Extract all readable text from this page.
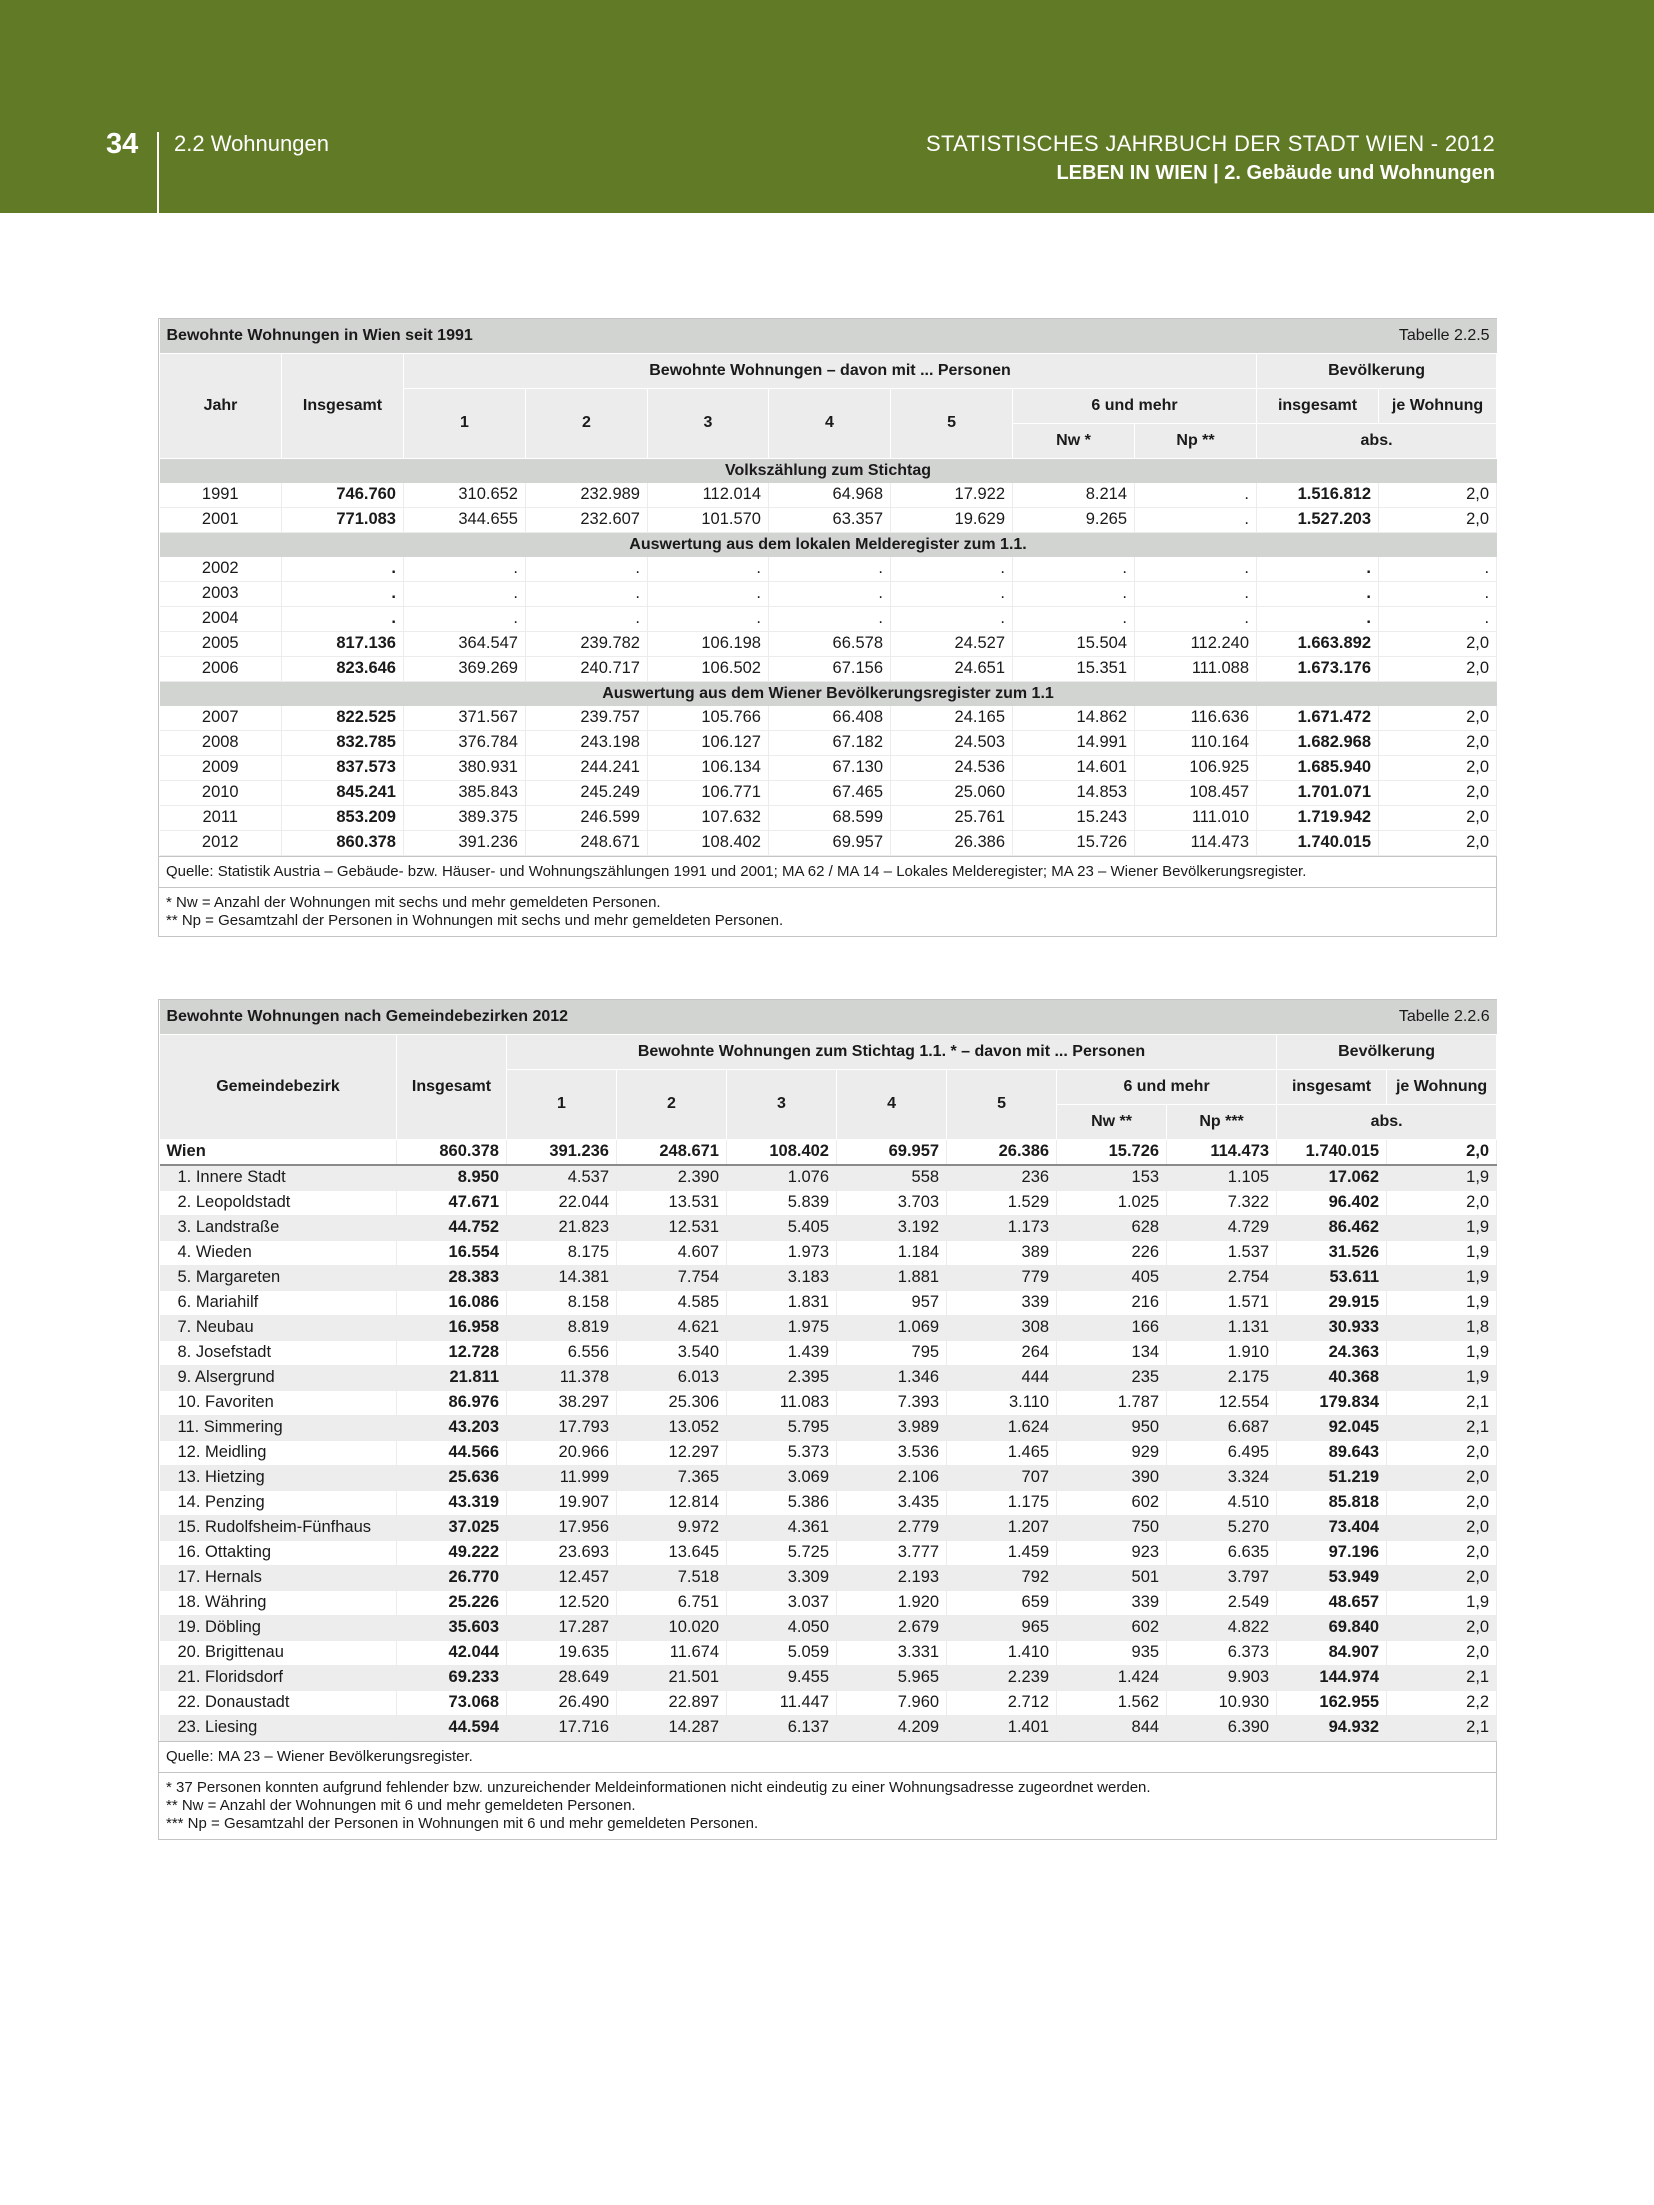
34 2.2 Wohnungen	STATISTISCHES JAHRBUCH DER STADT WIEN - 2012
LEBEN IN WIEN | 2. Gebäude und Wohnungen
Bewohnte Wohnungen in Wien seit 1991						Tabelle 2.2.5				
Jahr	Insgesamt	Bewohnte Wohnungen – davon mit ... Personen							Bevölkerung	
		1	2	3	4	5	6 und mehr		insgesamt	je Wohnung
							Nw *	Np **	abs.	
Volkszählung zum Stichtag										
1991	746.760	310.652	232.989	112.014	64.968	17.922	8.214	.	1.516.812	2,0
2001	771.083	344.655	232.607	101.570	63.357	19.629	9.265	.	1.527.203	2,0
Auswertung aus dem lokalen Melderegister zum 1.1.										
2002	.	.	.	.	.	.	.	.	.	.
2003	.	.	.	.	.	.	.	.	.	.
2004	.	.	.	.	.	.	.	.	.	.
2005	817.136	364.547	239.782	106.198	66.578	24.527	15.504	112.240	1.663.892	2,0
2006	823.646	369.269	240.717	106.502	67.156	24.651	15.351	111.088	1.673.176	2,0
Auswertung aus dem Wiener Bevölkerungsregister zum 1.1										
2007	822.525	371.567	239.757	105.766	66.408	24.165	14.862	116.636	1.671.472	2,0
2008	832.785	376.784	243.198	106.127	67.182	24.503	14.991	110.164	1.682.968	2,0
2009	837.573	380.931	244.241	106.134	67.130	24.536	14.601	106.925	1.685.940	2,0
2010	845.241	385.843	245.249	106.771	67.465	25.060	14.853	108.457	1.701.071	2,0
2011	853.209	389.375	246.599	107.632	68.599	25.761	15.243	111.010	1.719.942	2,0
2012	860.378	391.236	248.671	108.402	69.957	26.386	15.726	114.473	1.740.015	2,0
Quelle: Statistik Austria – Gebäude- bzw. Häuser- und Wohnungszählungen 1991 und 2001; MA 62 / MA 14 – Lokales Melderegister; MA 23 – Wiener Bevölkerungsregister.
* Nw = Anzahl der Wohnungen mit sechs und mehr gemeldeten Personen.
** Np = Gesamtzahl der Personen in Wohnungen mit sechs und mehr gemeldeten Personen.
Bewohnte Wohnungen nach Gemeindebezirken 2012						Tabelle 2.2.6				
Gemeindebezirk	Insgesamt	Bewohnte Wohnungen zum Stichtag 1.1. * – davon mit ... Personen							Bevölkerung	
		1	2	3	4	5	6 und mehr		insgesamt	je Wohnung
							Nw **	Np ***	abs.	
Wien	860.378	391.236	248.671	108.402	69.957	26.386	15.726	114.473	1.740.015	2,0
1. Innere Stadt	8.950	4.537	2.390	1.076	558	236	153	1.105	17.062	1,9
2. Leopoldstadt	47.671	22.044	13.531	5.839	3.703	1.529	1.025	7.322	96.402	2,0
3. Landstraße	44.752	21.823	12.531	5.405	3.192	1.173	628	4.729	86.462	1,9
4. Wieden	16.554	8.175	4.607	1.973	1.184	389	226	1.537	31.526	1,9
5. Margareten	28.383	14.381	7.754	3.183	1.881	779	405	2.754	53.611	1,9
6. Mariahilf	16.086	8.158	4.585	1.831	957	339	216	1.571	29.915	1,9
7. Neubau	16.958	8.819	4.621	1.975	1.069	308	166	1.131	30.933	1,8
8. Josefstadt	12.728	6.556	3.540	1.439	795	264	134	1.910	24.363	1,9
9. Alsergrund	21.811	11.378	6.013	2.395	1.346	444	235	2.175	40.368	1,9
10. Favoriten	86.976	38.297	25.306	11.083	7.393	3.110	1.787	12.554	179.834	2,1
11. Simmering	43.203	17.793	13.052	5.795	3.989	1.624	950	6.687	92.045	2,1
12. Meidling	44.566	20.966	12.297	5.373	3.536	1.465	929	6.495	89.643	2,0
13. Hietzing	25.636	11.999	7.365	3.069	2.106	707	390	3.324	51.219	2,0
14. Penzing	43.319	19.907	12.814	5.386	3.435	1.175	602	4.510	85.818	2,0
15. Rudolfsheim-Fünfhaus	37.025	17.956	9.972	4.361	2.779	1.207	750	5.270	73.404	2,0
16. Ottakting	49.222	23.693	13.645	5.725	3.777	1.459	923	6.635	97.196	2,0
17. Hernals	26.770	12.457	7.518	3.309	2.193	792	501	3.797	53.949	2,0
18. Währing	25.226	12.520	6.751	3.037	1.920	659	339	2.549	48.657	1,9
19. Döbling	35.603	17.287	10.020	4.050	2.679	965	602	4.822	69.840	2,0
20. Brigittenau	42.044	19.635	11.674	5.059	3.331	1.410	935	6.373	84.907	2,0
21. Floridsdorf	69.233	28.649	21.501	9.455	5.965	2.239	1.424	9.903	144.974	2,1
22. Donaustadt	73.068	26.490	22.897	11.447	7.960	2.712	1.562	10.930	162.955	2,2
23. Liesing	44.594	17.716	14.287	6.137	4.209	1.401	844	6.390	94.932	2,1
Quelle: MA 23 – Wiener Bevölkerungsregister.
* 37 Personen konnten aufgrund fehlender bzw. unzureichender Meldeinformationen nicht eindeutig zu einer Wohnungsadresse zugeordnet werden.
** Nw = Anzahl der Wohnungen mit 6 und mehr gemeldeten Personen.
*** Np = Gesamtzahl der Personen in Wohnungen mit 6 und mehr gemeldeten Personen.
